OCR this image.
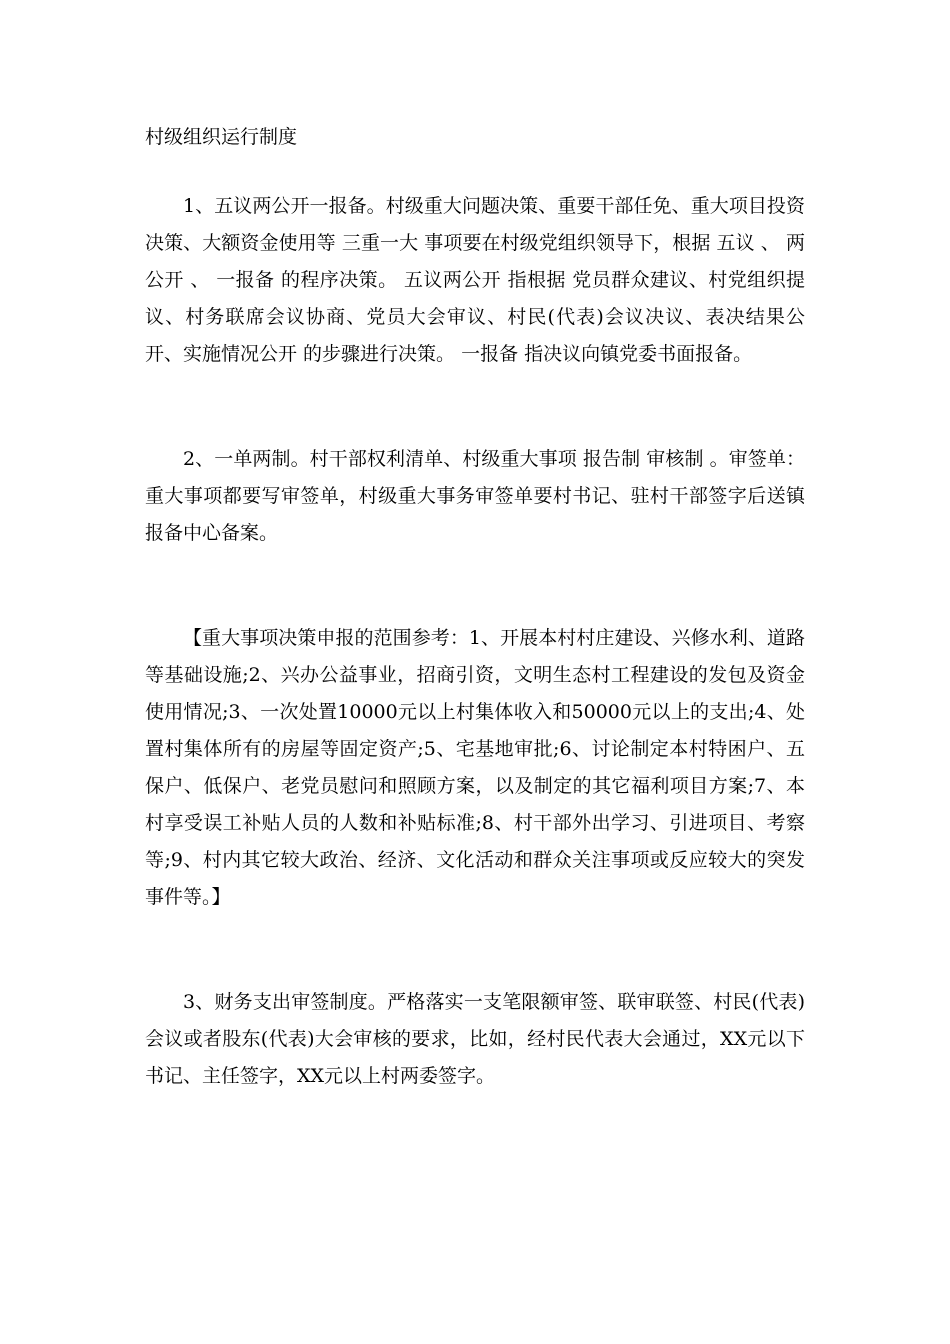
村级组织运行制度

1、五议两公开一报备。村级重大问题决策、重要干部任免、重大项目投资决策、大额资金使用等 三重一大 事项要在村级党组织领导下，根据 五议 、 两公开 、 一报备 的程序决策。 五议两公开 指根据 党员群众建议、村党组织提议、村务联席会议协商、党员大会审议、村民(代表)会议决议、表决结果公开、实施情况公开 的步骤进行决策。 一报备 指决议向镇党委书面报备。

2、一单两制。村干部权利清单、村级重大事项 报告制 审核制 。审签单：重大事项都要写审签单，村级重大事务审签单要村书记、驻村干部签字后送镇报备中心备案。

【重大事项决策申报的范围参考：1、开展本村村庄建设、兴修水利、道路等基础设施;2、兴办公益事业，招商引资，文明生态村工程建设的发包及资金使用情况;3、一次处置10000元以上村集体收入和50000元以上的支出;4、处置村集体所有的房屋等固定资产;5、宅基地审批;6、讨论制定本村特困户、五保户、低保户、老党员慰问和照顾方案，以及制定的其它福利项目方案;7、本村享受误工补贴人员的人数和补贴标准;8、村干部外出学习、引进项目、考察等;9、村内其它较大政治、经济、文化活动和群众关注事项或反应较大的突发事件等。】

3、财务支出审签制度。严格落实一支笔限额审签、联审联签、村民(代表)会议或者股东(代表)大会审核的要求，比如，经村民代表大会通过，XX元以下书记、主任签字，XX元以上村两委签字。
